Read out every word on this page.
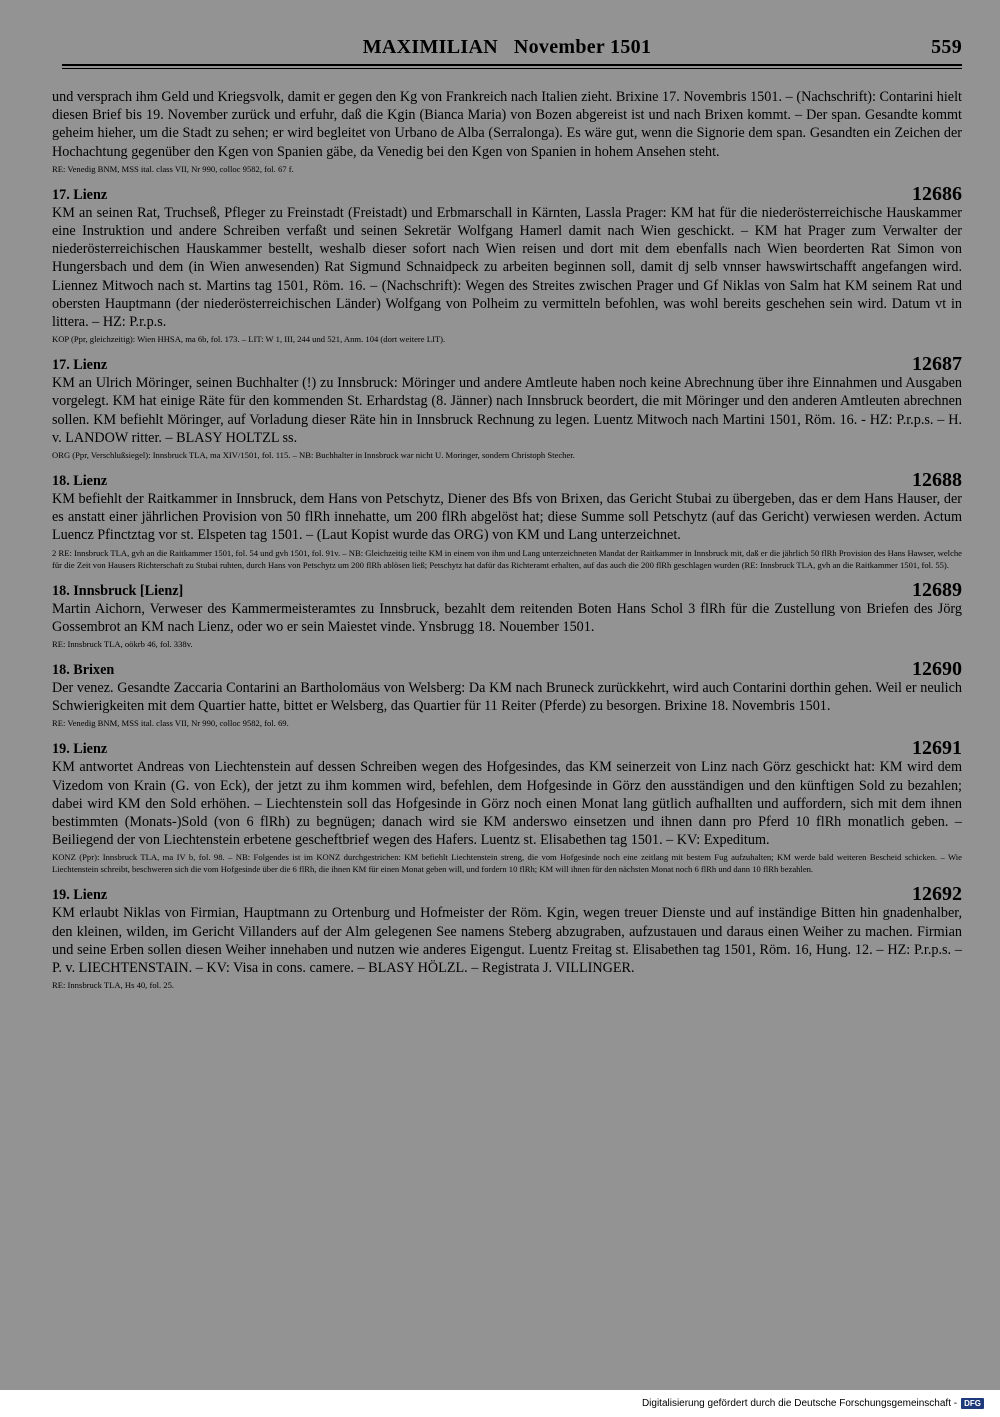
MAXIMILIAN   November 1501	559

und versprach ihm Geld und Kriegsvolk, damit er gegen den Kg von Frankreich nach Italien zieht. Brixine 17. Novembris 1501. – (Nachschrift): Contarini hielt diesen Brief bis 19. November zurück und erfuhr, daß die Kgin (Bianca Maria) von Bozen abgereist ist und nach Brixen kommt. – Der span. Gesandte kommt geheim hieher, um die Stadt zu sehen; er wird begleitet von Urbano de Alba (Serralonga). Es wäre gut, wenn die Signorie dem span. Gesandten ein Zeichen der Hochachtung gegenüber den Kgen von Spanien gäbe, da Venedig bei den Kgen von Spanien in hohem Ansehen steht.

RE: Venedig BNM, MSS ital. class VII, Nr 990, colloc 9582, fol. 67 f.

17. Lienz	12686

KM an seinen Rat, Truchseß, Pfleger zu Freinstadt (Freistadt) und Erbmarschall in Kärnten, Lassla Prager: KM hat für die niederösterreichische Hauskammer eine Instruktion und andere Schreiben verfaßt und seinen Sekretär Wolfgang Hamerl damit nach Wien geschickt. – KM hat Prager zum Verwalter der niederösterreichischen Hauskammer bestellt, weshalb dieser sofort nach Wien reisen und dort mit dem ebenfalls nach Wien beorderten Rat Simon von Hungersbach und dem (in Wien anwesenden) Rat Sigmund Schnaidpeck zu arbeiten beginnen soll, damit dj selb vnnser hawswirtschafft angefangen wird. Liennez Mitwoch nach st. Martins tag 1501, Röm. 16. – (Nachschrift): Wegen des Streites zwischen Prager und Gf Niklas von Salm hat KM seinem Rat und obersten Hauptmann (der niederösterreichischen Länder) Wolfgang von Polheim zu vermitteln befohlen, was wohl bereits geschehen sein wird. Datum vt in littera. – HZ: P.r.p.s.

KOP (Ppr, gleichzeitig): Wien HHSA, ma 6b, fol. 173. – LIT: W 1, III, 244 und 521, Anm. 104 (dort weitere LIT).

17. Lienz	12687

KM an Ulrich Möringer, seinen Buchhalter (!) zu Innsbruck: Möringer und andere Amtleute haben noch keine Abrechnung über ihre Einnahmen und Ausgaben vorgelegt. KM hat einige Räte für den kommenden St. Erhardstag (8. Jänner) nach Innsbruck beordert, die mit Möringer und den anderen Amtleuten abrechnen sollen. KM befiehlt Möringer, auf Vorladung dieser Räte hin in Innsbruck Rechnung zu legen. Luentz Mitwoch nach Martini 1501, Röm. 16. - HZ: P.r.p.s. – H. v. LANDOW ritter. – BLASY HOLTZL ss.

ORG (Ppr, Verschlußsiegel): Innsbruck TLA, ma XIV/1501, fol. 115. – NB: Buchhalter in Innsbruck war nicht U. Moringer, sondern Christoph Stecher.

18. Lienz	12688

KM befiehlt der Raitkammer in Innsbruck, dem Hans von Petschytz, Diener des Bfs von Brixen, das Gericht Stubai zu übergeben, das er dem Hans Hauser, der es anstatt einer jährlichen Provision von 50 flRh innehatte, um 200 flRh abgelöst hat; diese Summe soll Petschytz (auf das Gericht) verwiesen werden. Actum Luencz Pfinctztag vor st. Elspeten tag 1501. – (Laut Kopist wurde das ORG) von KM und Lang unterzeichnet.

2 RE: Innsbruck TLA, gvh an die Raitkammer 1501, fol. 54 und gvh 1501, fol. 91v. – NB: Gleichzeitig teilte KM in einem von ihm und Lang unterzeichneten Mandat der Raitkammer in Innsbruck mit, daß er die jährlich 50 flRh Provision des Hans Hawser, welche für die Zeit von Hausers Richterschaft zu Stubai ruhten, durch Hans von Petschytz um 200 flRh ablösen ließ; Petschytz hat dafür das Richteramt erhalten, auf das auch die 200 flRh geschlagen wurden (RE: Innsbruck TLA, gvh an die Raitkammer 1501, fol. 55).

18. Innsbruck [Lienz]	12689

Martin Aichorn, Verweser des Kammermeisteramtes zu Innsbruck, bezahlt dem reitenden Boten Hans Schol 3 flRh für die Zustellung von Briefen des Jörg Gossembrot an KM nach Lienz, oder wo er sein Maiestet vinde. Ynsbrugg 18. Nouember 1501.

RE: Innsbruck TLA, oökrb 46, fol. 338v.

18. Brixen	12690

Der venez. Gesandte Zaccaria Contarini an Bartholomäus von Welsberg: Da KM nach Bruneck zurückkehrt, wird auch Contarini dorthin gehen. Weil er neulich Schwierigkeiten mit dem Quartier hatte, bittet er Welsberg, das Quartier für 11 Reiter (Pferde) zu besorgen. Brixine 18. Novembris 1501.

RE: Venedig BNM, MSS ital. class VII, Nr 990, colloc 9582, fol. 69.

19. Lienz	12691

KM antwortet Andreas von Liechtenstein auf dessen Schreiben wegen des Hofgesindes, das KM seinerzeit von Linz nach Görz geschickt hat: KM wird dem Vizedom von Krain (G. von Eck), der jetzt zu ihm kommen wird, befehlen, dem Hofgesinde in Görz den ausständigen und den künftigen Sold zu bezahlen; dabei wird KM den Sold erhöhen. – Liechtenstein soll das Hofgesinde in Görz noch einen Monat lang gütlich aufhallten und auffordern, sich mit dem ihnen bestimmten (Monats-)Sold (von 6 flRh) zu begnügen; danach wird sie KM anderswo einsetzen und ihnen dann pro Pferd 10 flRh monatlich geben. – Beiliegend der von Liechtenstein erbetene gescheftbrief wegen des Hafers. Luentz st. Elisabethen tag 1501. – KV: Expeditum.

KONZ (Ppr): Innsbruck TLA, ma IV b, fol. 98. – NB: Folgendes ist im KONZ durchgestrichen: KM befiehlt Liechtenstein streng, die vom Hofgesinde noch eine zeitlang mit bestem Fug aufzuhalten; KM werde bald weiteren Bescheid schicken. – Wie Liechtenstein schreibt, beschweren sich die vom Hofgesinde über die 6 flRh, die ihnen KM für einen Monat geben will, und fordern 10 flRh; KM will ihnen für den nächsten Monat noch 6 flRh und dann 10 flRh bezahlen.

19. Lienz	12692

KM erlaubt Niklas von Firmian, Hauptmann zu Ortenburg und Hofmeister der Röm. Kgin, wegen treuer Dienste und auf inständige Bitten hin gnadenhalber, den kleinen, wilden, im Gericht Villanders auf der Alm gelegenen See namens Steberg abzugraben, aufzustauen und daraus einen Weiher zu machen. Firmian und seine Erben sollen diesen Weiher innehaben und nutzen wie anderes Eigengut. Luentz Freitag st. Elisabethen tag 1501, Röm. 16, Hung. 12. – HZ: P.r.p.s. – P. v. LIECHTENSTAIN. – KV: Visa in cons. camere. – BLASY HÖLZL. – Registrata J. VILLINGER.

RE: Innsbruck TLA, Hs 40, fol. 25.

Digitalisierung gefördert durch die Deutsche Forschungsgemeinschaft - DFG
